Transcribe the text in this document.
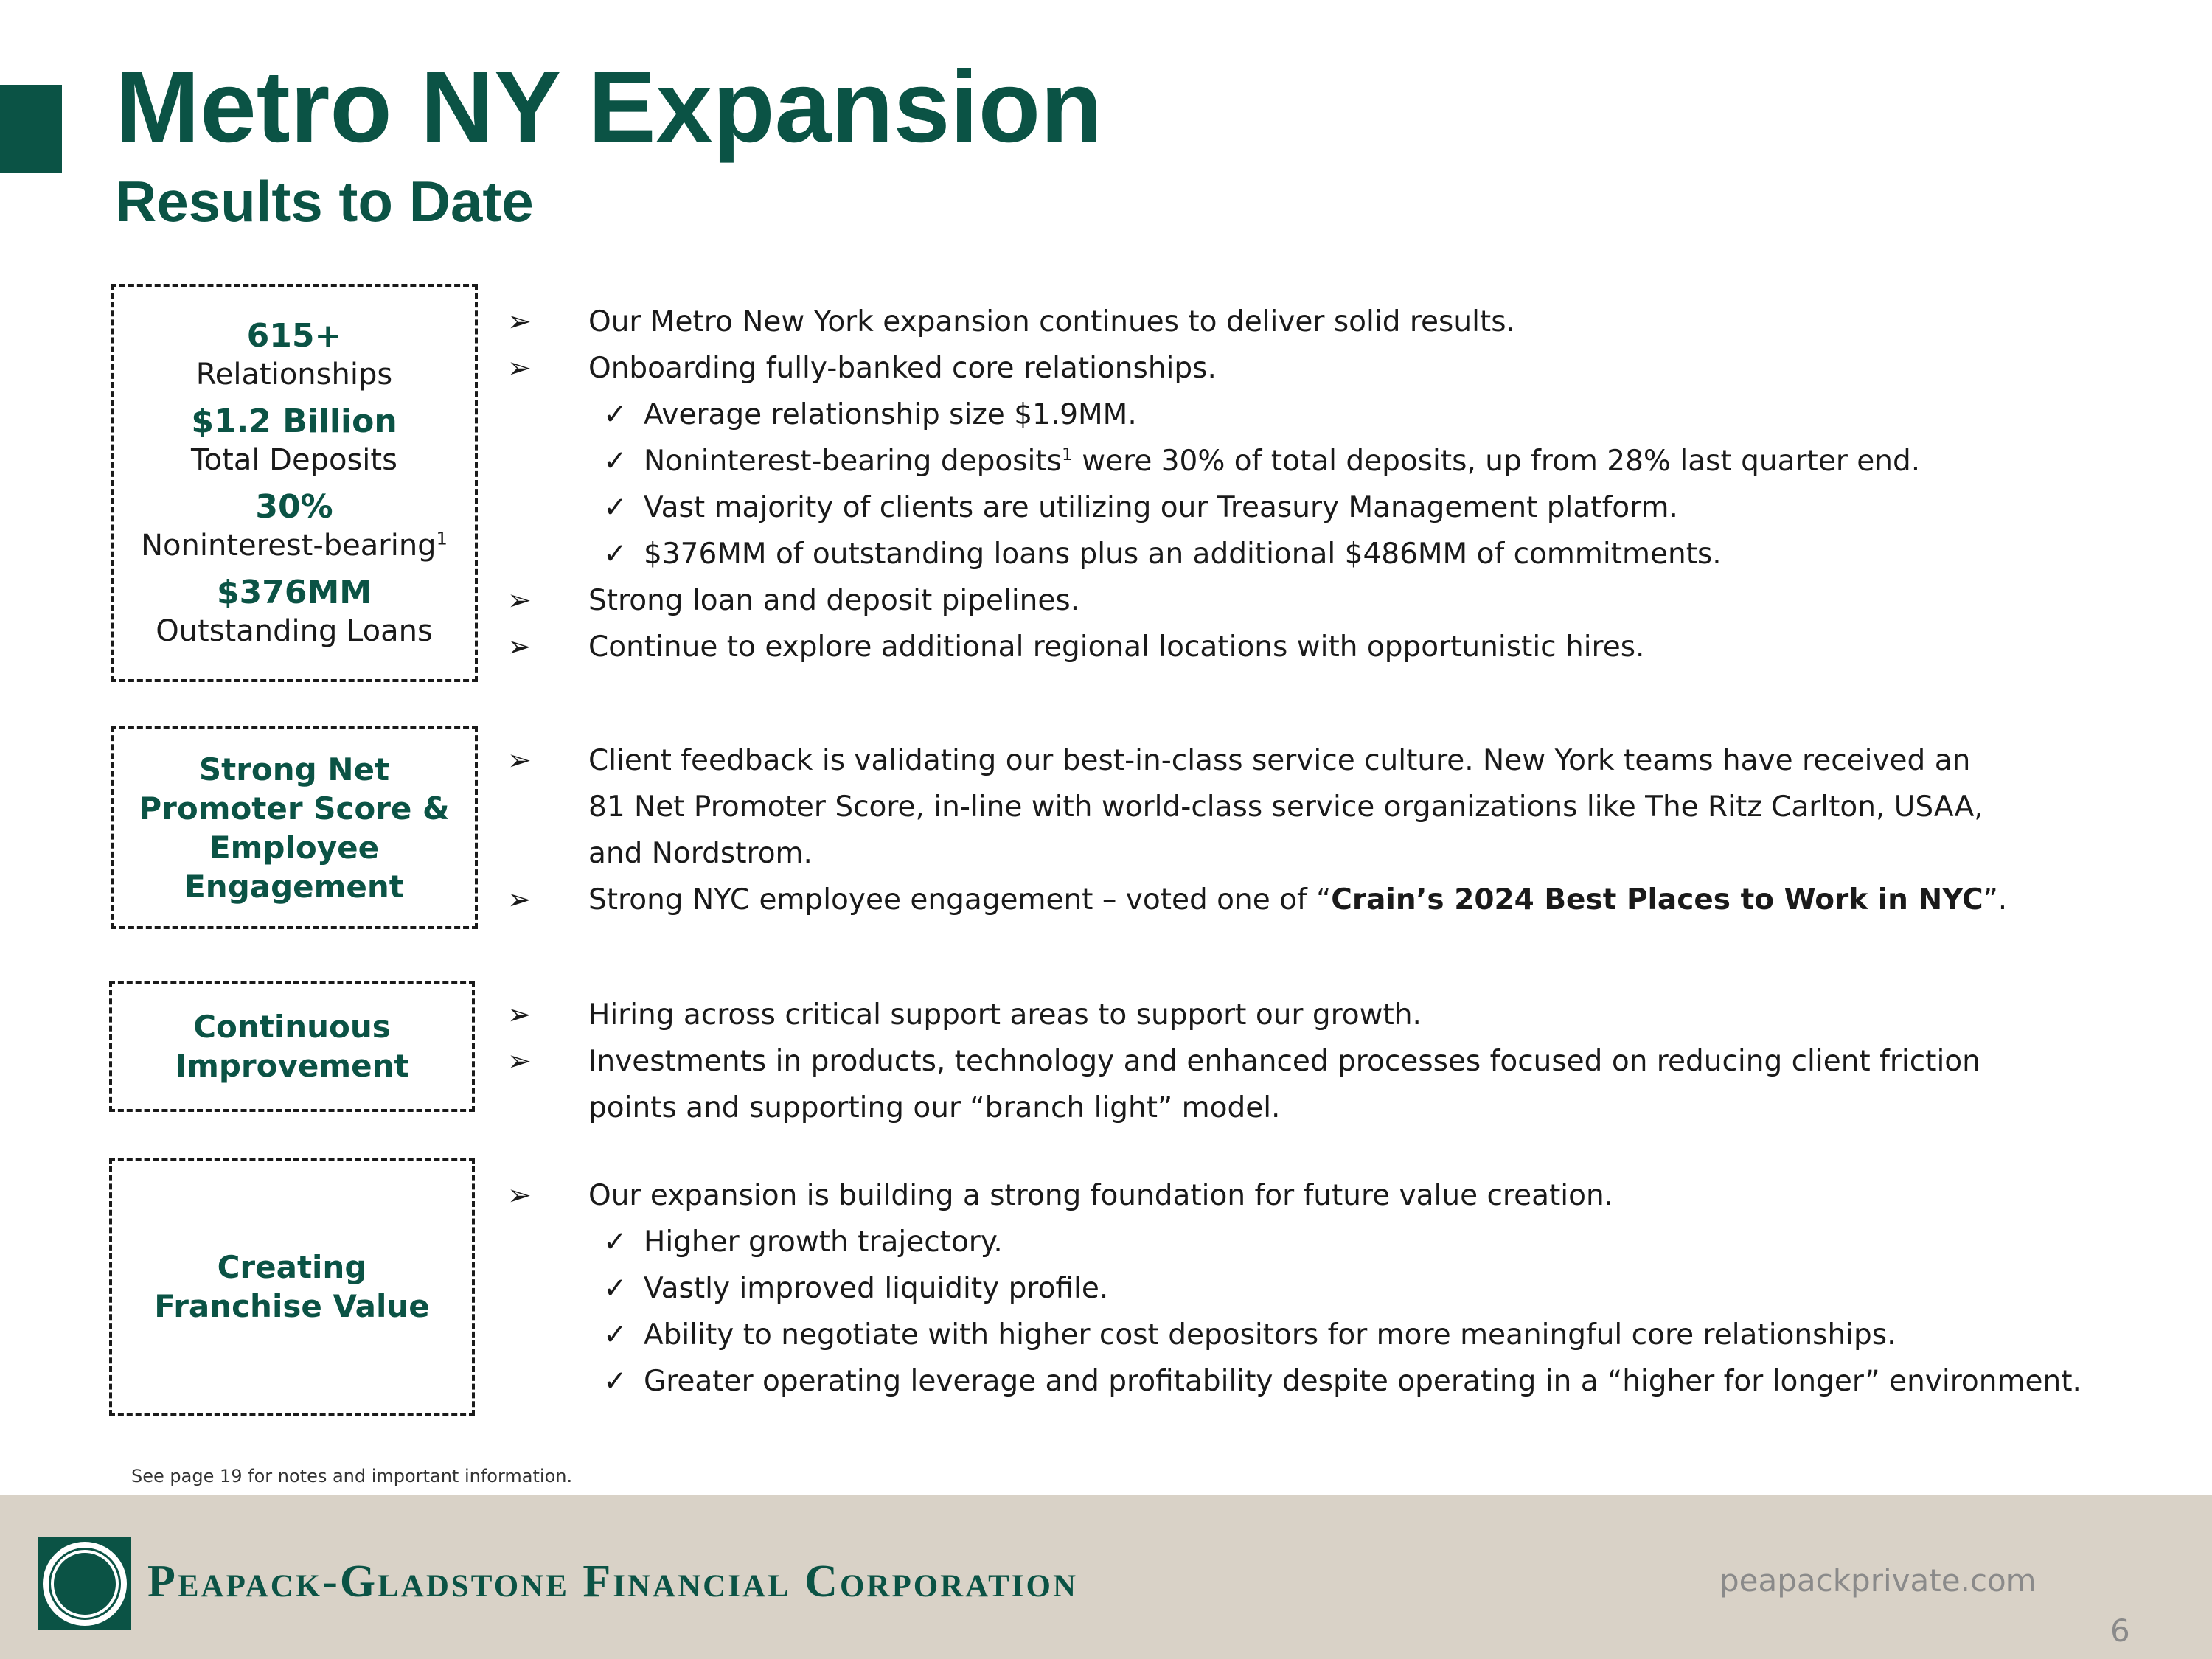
Metro NY Expansion
Results to Date
615+
Relationships
$1.2 Billion
Total Deposits
30%
Noninterest-bearing$^1$
$376MM
Outstanding Loans
Strong Net Promoter Score & Employee Engagement
Continuous Improvement
Creating Franchise Value
➢	Our Metro New York expansion continues to deliver solid results.
➢	Onboarding fully-banked core relationships.
✓ Average relationship size $1.9MM.
✓ Noninterest-bearing deposits$^1$ were 30% of total deposits, up from 28% last quarter end.
✓ Vast majority of clients are utilizing our Treasury Management platform.
✓ $376MM of outstanding loans plus an additional $486MM of commitments.
➢	Strong loan and deposit pipelines.
➢	Continue to explore additional regional locations with opportunistic hires.
➢	Client feedback is validating our best-in-class service culture. New York teams have received an
81 Net Promoter Score, in-line with world-class service organizations like The Ritz Carlton, USAA,
and Nordstrom.
➢	Strong NYC employee engagement – voted one of “Crain’s 2024 Best Places to Work in NYC”.
➢	Hiring across critical support areas to support our growth.
➢	Investments in products, technology and enhanced processes focused on reducing client friction
points and supporting our “branch light” model.
➢	Our expansion is building a strong foundation for future value creation.
✓ Higher growth trajectory.
✓ Vastly improved liquidity profile.
✓ Ability to negotiate with higher cost depositors for more meaningful core relationships.
✓ Greater operating leverage and profitability despite operating in a “higher for longer” environment.
See page 19 for notes and important information.
Peapack-Gladstone Financial Corporation	peapackprivate.com
6
